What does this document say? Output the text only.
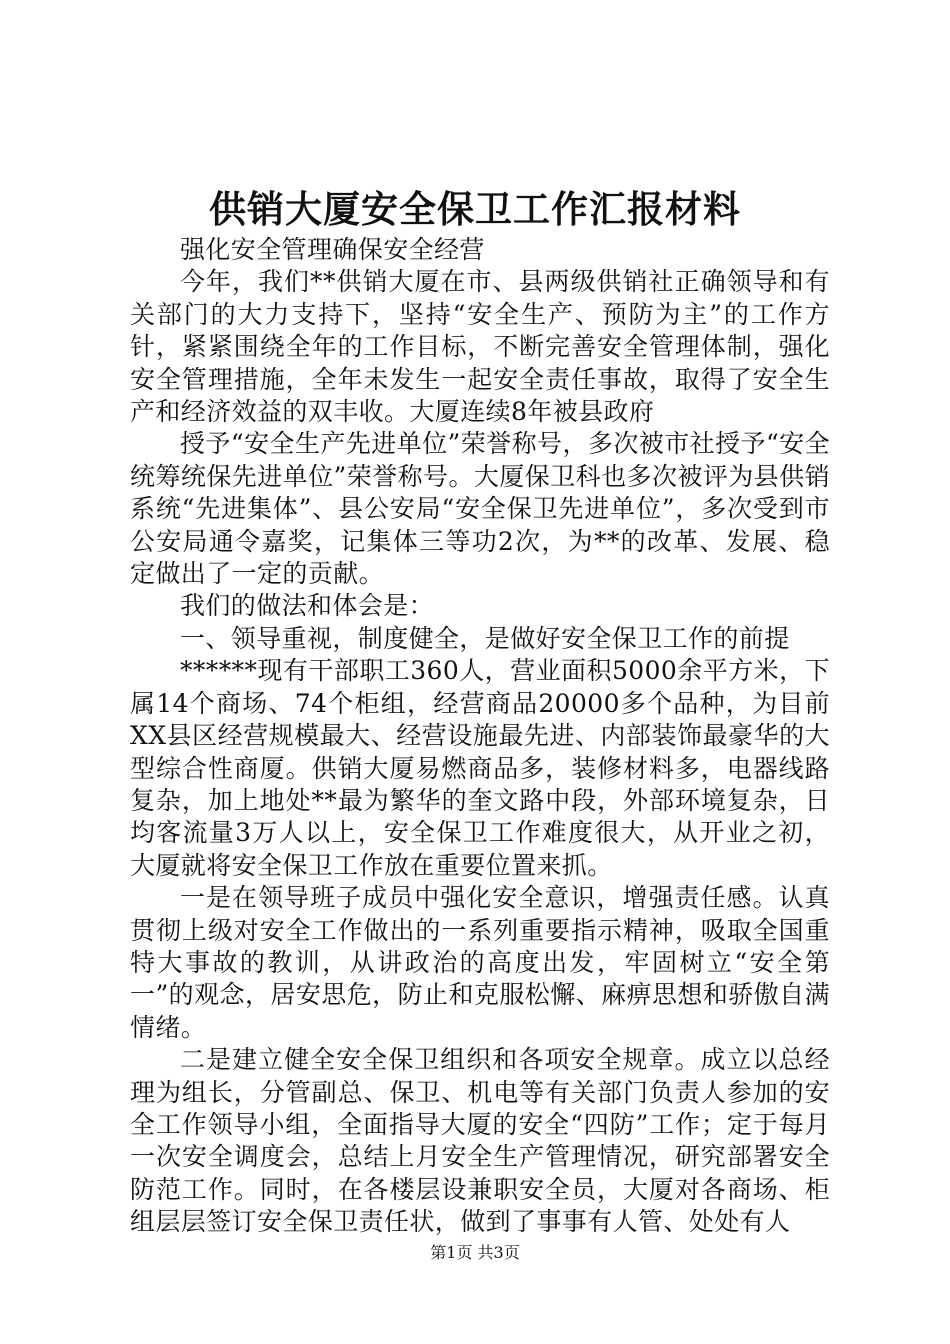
供销大厦安全保卫工作汇报材料

强化安全管理确保安全经营

今年，我们**供销大厦在市、县两级供销社正确领导和有关部门的大力支持下，坚持“安全生产、预防为主”的工作方针，紧紧围绕全年的工作目标，不断完善安全管理体制，强化安全管理措施，全年未发生一起安全责任事故，取得了安全生产和经济效益的双丰收。大厦连续8年被县政府

授予“安全生产先进单位”荣誉称号，多次被市社授予“安全统筹统保先进单位”荣誉称号。大厦保卫科也多次被评为县供销系统“先进集体”、县公安局“安全保卫先进单位”，多次受到市公安局通令嘉奖，记集体三等功2次，为**的改革、发展、稳定做出了一定的贡献。

我们的做法和体会是：

一、领导重视，制度健全，是做好安全保卫工作的前提

******现有干部职工360人，营业面积5000余平方米，下属14个商场、74个柜组，经营商品20000多个品种，为目前XX县区经营规模最大、经营设施最先进、内部装饰最豪华的大型综合性商厦。供销大厦易燃商品多，装修材料多，电器线路复杂，加上地处**最为繁华的奎文路中段，外部环境复杂，日均客流量3万人以上，安全保卫工作难度很大，从开业之初，大厦就将安全保卫工作放在重要位置来抓。

一是在领导班子成员中强化安全意识，增强责任感。认真贯彻上级对安全工作做出的一系列重要指示精神，吸取全国重特大事故的教训，从讲政治的高度出发，牢固树立“安全第一”的观念，居安思危，防止和克服松懈、麻痹思想和骄傲自满情绪。

二是建立健全安全保卫组织和各项安全规章。成立以总经理为组长，分管副总、保卫、机电等有关部门负责人参加的安全工作领导小组，全面指导大厦的安全“四防”工作；定于每月一次安全调度会，总结上月安全生产管理情况，研究部署安全防范工作。同时，在各楼层设兼职安全员，大厦对各商场、柜组层层签订安全保卫责任状，做到了事事有人管、处处有人

第1页 共3页
